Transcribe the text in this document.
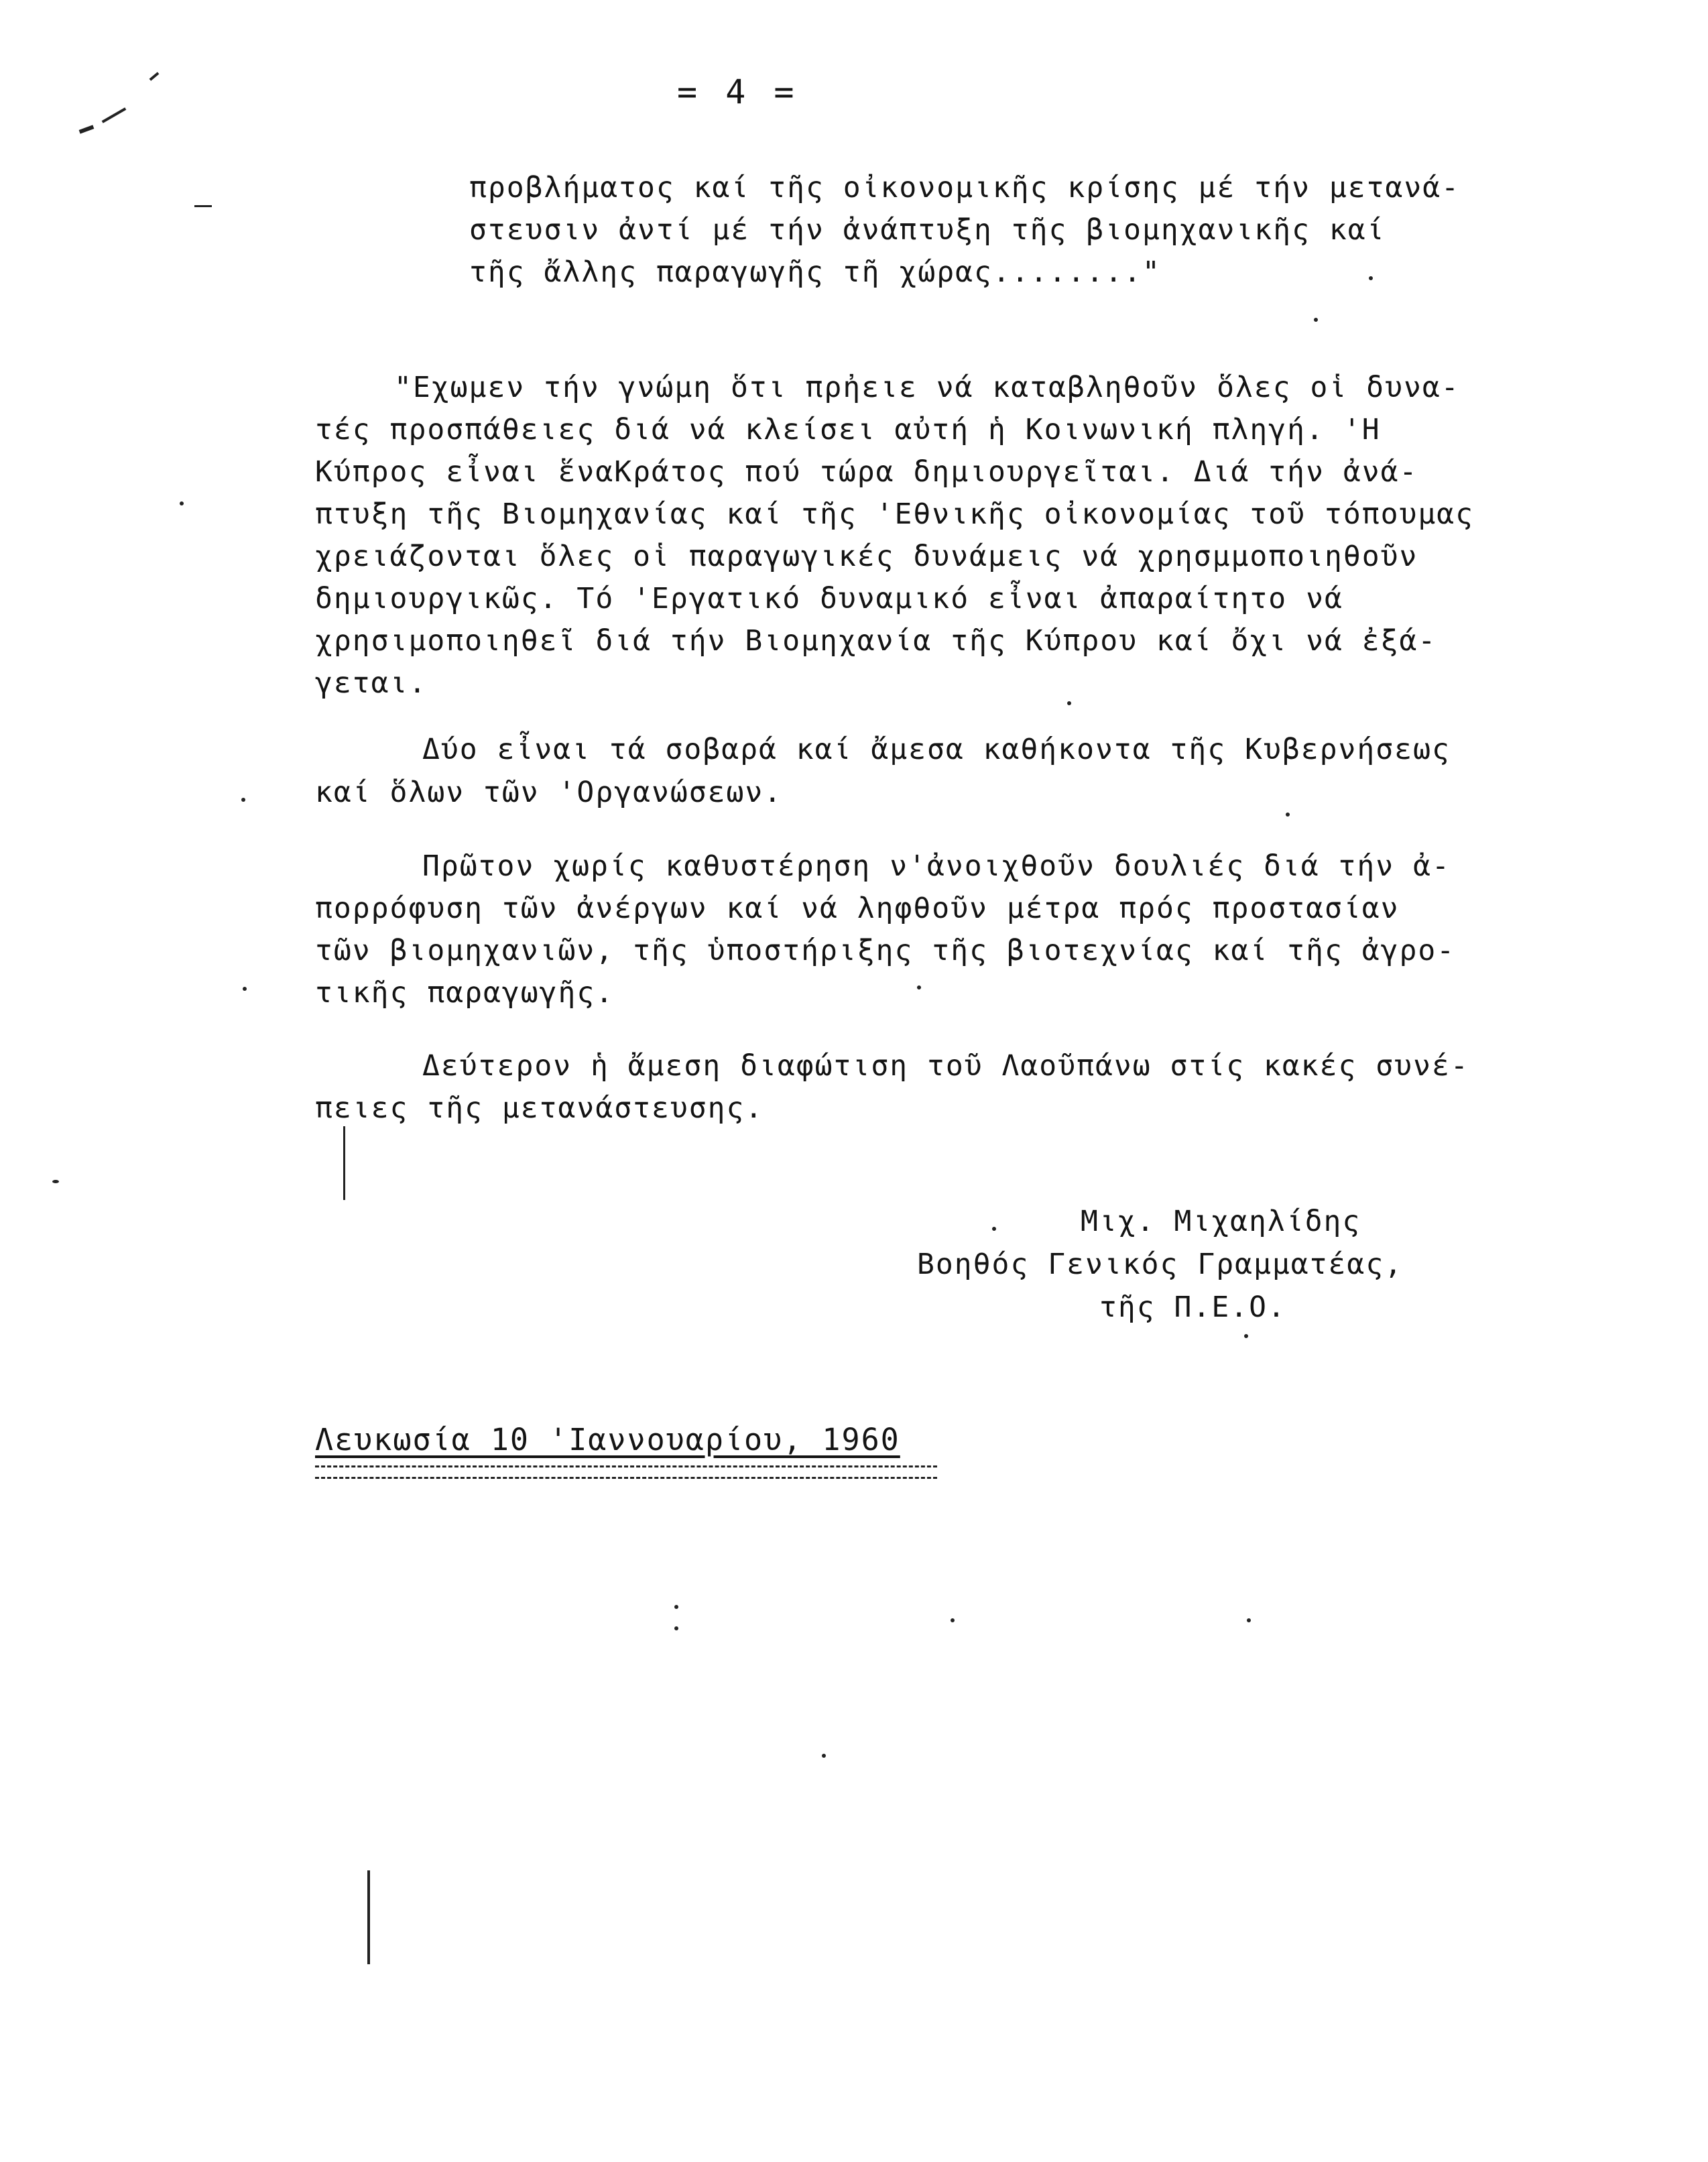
= 4 =
προβλήματος καί τῆς οἰκονομικῆς κρίσης μέ τήν μετανά-
στευσιν ἀντί μέ τήν ἀνάπτυξη τῆς βιομηχανικῆς καί
τῆς ἄλλης παραγωγῆς τῆ χώρας........"
"Εχωμεν τήν γνώμη ὅτι πρἠειε νά καταβληθοῦν ὅλες οἱ δυνα-
τές προσπάθειες διά νά κλείσει αὐτή ἡ Κοινωνική πληγή. 'Η
Κύπρος εἶναι ἕναΚράτος πού τώρα δημιουργεῖται. Διά τήν ἀνά-
πτυξη τῆς Βιομηχανίας καί τῆς 'Εθνικῆς οἰκονομίας τοῦ τόπουμας
χρειάζονται ὅλες οἱ παραγωγικές δυνάμεις νά χρησμμοποιηθοῦν
δημιουργικῶς. Τό 'Εργατικό δυναμικό εἶναι ἀπαραίτητο νά
χρησιμοποιηθεῖ διά τήν Βιομηχανία τῆς Κύπρου καί ὄχι νά ἐξά-
γεται.
Δύο εἶναι τά σοβαρά καί ἄμεσα καθήκοντα τῆς Κυβερνήσεως
καί ὅλων τῶν 'Οργανώσεων.
Πρῶτον χωρίς καθυστέρηση ν'ἀνοιχθοῦν δουλιές διά τήν ἀ-
πορρόφυση τῶν ἀνέργων καί νά ληφθοῦν μέτρα πρός προστασίαν
τῶν βιομηχανιῶν, τῆς ὑποστήριξης τῆς βιοτεχνίας καί τῆς ἀγρο-
τικῆς παραγωγῆς.
Δεύτερον ἡ ἄμεση διαφώτιση τοῦ Λαοῦπάνω στίς κακές συνέ-
πειες τῆς μετανάστευσης.
Μιχ. Μιχαηλίδης
Βοηθός Γενικός Γραμματέας,
τῆς Π.Ε.Ο.
Λευκωσία 10 'Ιαννουαρίου, 1960
